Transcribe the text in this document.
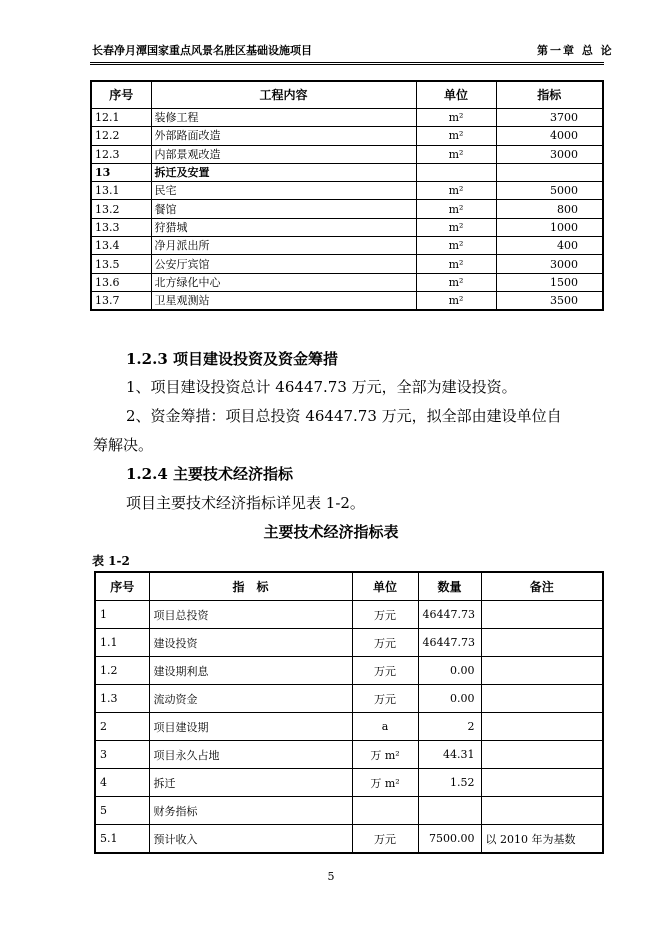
长春净月潭国家重点风景名胜区基础设施项目	第一章 总 论
序号	工程内容	单位	指标
12.1	装修工程	m²	3700
12.2	外部路面改造	m²	4000
12.3	内部景观改造	m²	3000
13	拆迁及安置		
13.1	民宅	m²	5000
13.2	餐馆	m²	800
13.3	狩猎城	m²	1000
13.4	净月派出所	m²	400
13.5	公安厅宾馆	m²	3000
13.6	北方绿化中心	m²	1500
13.7	卫星观测站	m²	3500
1.2.3 项目建设投资及资金筹措
1、项目建设投资总计 46447.73 万元，全部为建设投资。
2、资金筹措：项目总投资 46447.73 万元，拟全部由建设单位自
筹解决。
1.2.4 主要技术经济指标
项目主要技术经济指标详见表 1-2。
主要技术经济指标表
表 1-2
序号	指　标	单位	数量	备注
1	项目总投资	万元	46447.73	
1.1	建设投资	万元	46447.73	
1.2	建设期利息	万元	0.00	
1.3	流动资金	万元	0.00	
2	项目建设期	a	2	
3	项目永久占地	万 m²	44.31	
4	拆迁	万 m²	1.52	
5	财务指标			
5.1	预计收入	万元	7500.00	以 2010 年为基数
5
